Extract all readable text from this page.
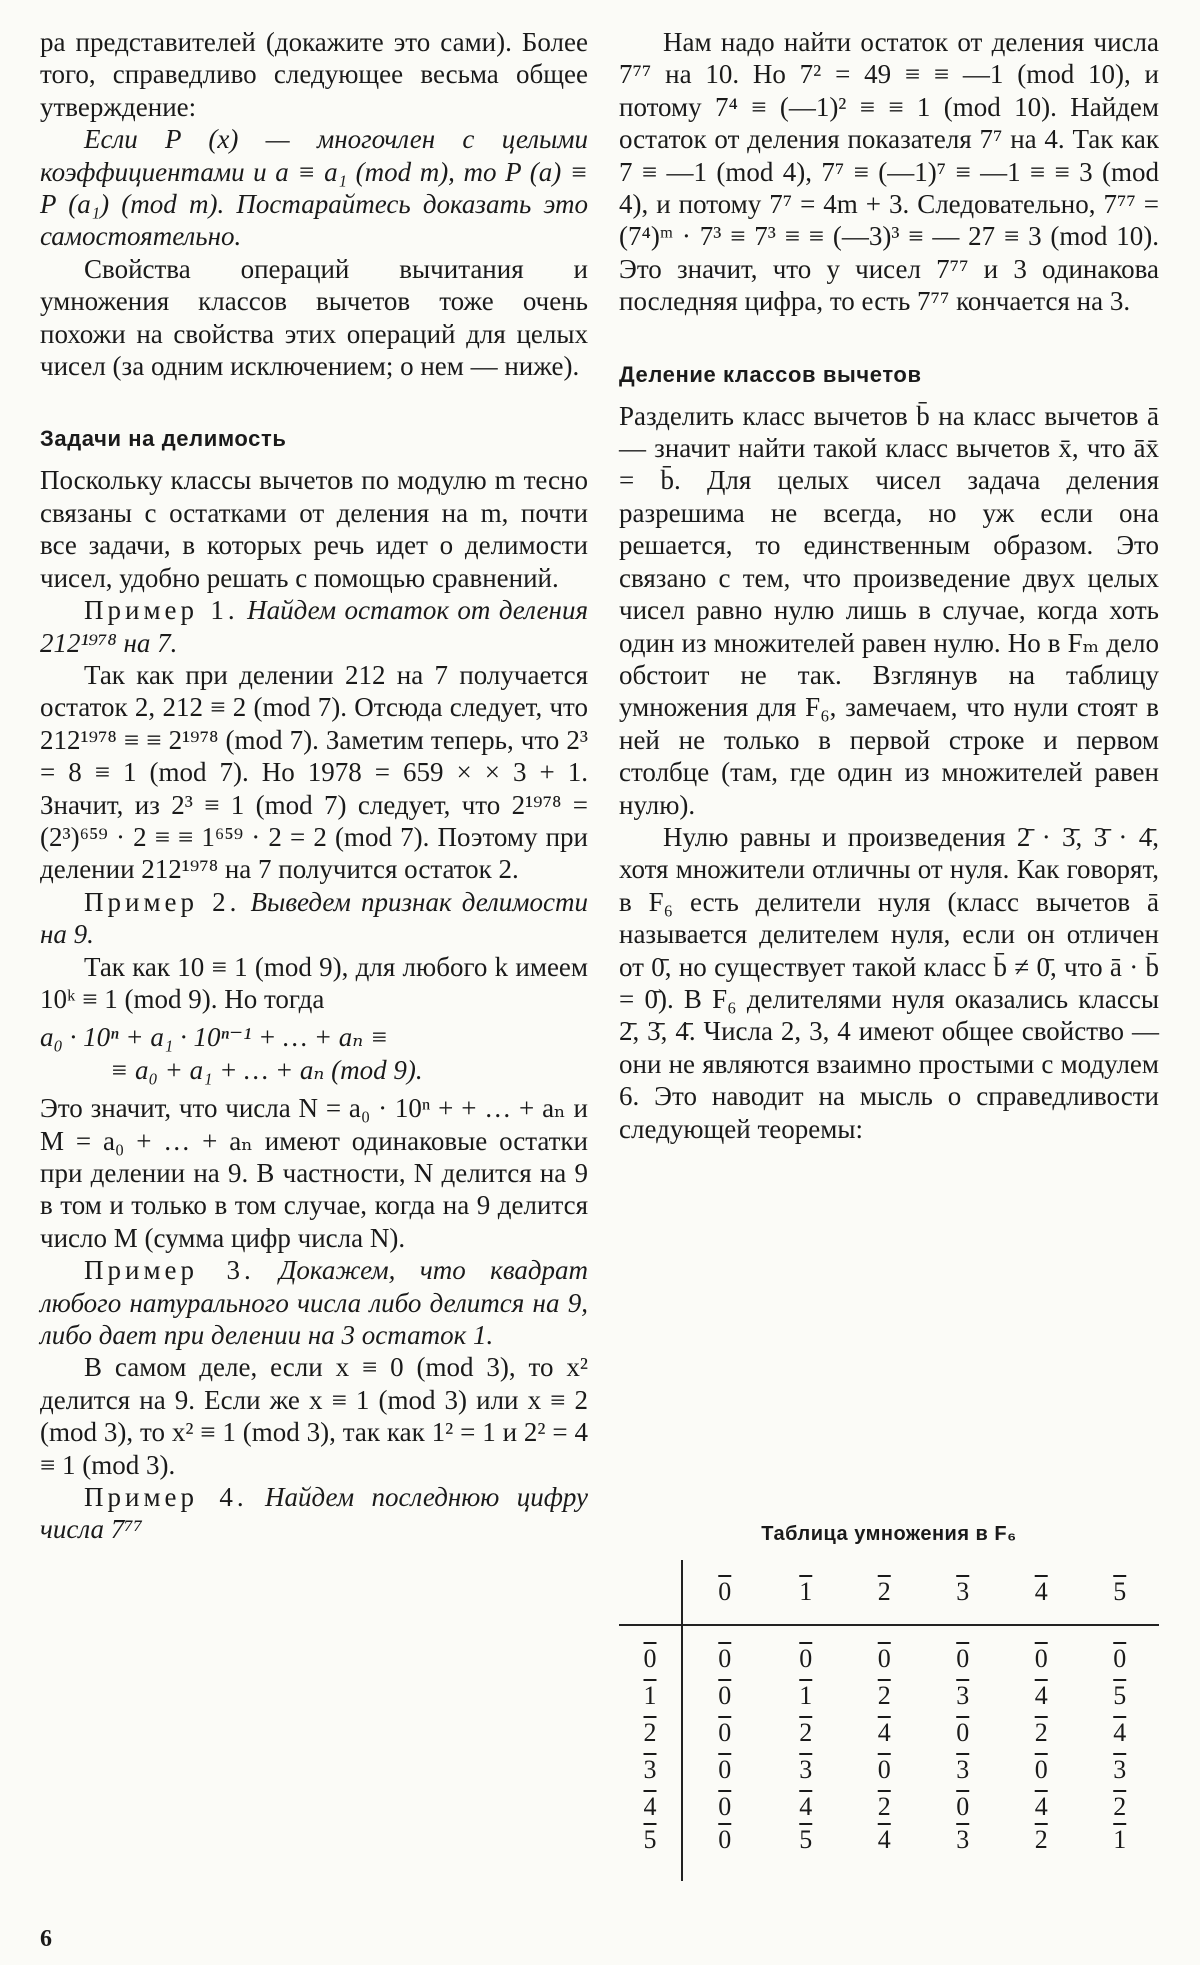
ра представителей (докажите это сами). Более того, справедливо следующее весьма общее утверждение:

Если P (x) — многочлен с целыми коэффициентами и a ≡ a₁ (mod m), то P (a) ≡ P (a₁) (mod m). Постарайтесь доказать это самостоятельно.

Свойства операций вычитания и умножения классов вычетов тоже очень похожи на свойства этих операций для целых чисел (за одним исключением; о нем — ниже).

Задачи на делимость

Поскольку классы вычетов по модулю m тесно связаны с остатками от деления на m, почти все задачи, в которых речь идет о делимости чисел, удобно решать с помощью сравнений.

Пример 1. Найдем остаток от деления 212¹⁹⁷⁸ на 7.

Так как при делении 212 на 7 получается остаток 2, 212 ≡ 2 (mod 7). Отсюда следует, что 212¹⁹⁷⁸ ≡ ≡ 2¹⁹⁷⁸ (mod 7). Заметим теперь, что 2³ = 8 ≡ 1 (mod 7). Но 1978 = 659 × × 3 + 1. Значит, из 2³ ≡ 1 (mod 7) следует, что 2¹⁹⁷⁸ = (2³)⁶⁵⁹ · 2 ≡ ≡ 1⁶⁵⁹ · 2 = 2 (mod 7). Поэтому при делении 212¹⁹⁷⁸ на 7 получится остаток 2.

Пример 2. Выведем признак делимости на 9.

Так как 10 ≡ 1 (mod 9), для любого k имеем 10ᵏ ≡ 1 (mod 9). Но тогда

a₀ · 10ⁿ + a₁ · 10ⁿ⁻¹ + … + aₙ ≡
≡ a₀ + a₁ + … + aₙ (mod 9).

Это значит, что числа N = a₀ · 10ⁿ + + … + aₙ и M = a₀ + … + aₙ имеют одинаковые остатки при делении на 9. В частности, N делится на 9 в том и только в том случае, когда на 9 делится число M (сумма цифр числа N).

Пример 3. Докажем, что квадрат любого натурального числа либо делится на 9, либо дает при делении на 3 остаток 1.

В самом деле, если x ≡ 0 (mod 3), то x² делится на 9. Если же x ≡ 1 (mod 3) или x ≡ 2 (mod 3), то x² ≡ 1 (mod 3), так как 1² = 1 и 2² = 4 ≡ 1 (mod 3).

Пример 4. Найдем последнюю цифру числа 7⁷⁷

Нам надо найти остаток от деления числа 7⁷⁷ на 10. Но 7² = 49 ≡ ≡ —1 (mod 10), и потому 7⁴ ≡ (—1)² ≡ ≡ 1 (mod 10). Найдем остаток от деления показателя 7⁷ на 4. Так как 7 ≡ —1 (mod 4), 7⁷ ≡ (—1)⁷ ≡ —1 ≡ ≡ 3 (mod 4), и потому 7⁷ = 4m + 3. Следовательно, 7⁷⁷ = (7⁴)ᵐ · 7³ ≡ 7³ ≡ ≡ (—3)³ ≡ — 27 ≡ 3 (mod 10). Это значит, что у чисел 7⁷⁷ и 3 одинакова последняя цифра, то есть 7⁷⁷ кончается на 3.

Деление классов вычетов

Разделить класс вычетов b̄ на класс вычетов ā — значит найти такой класс вычетов x̄, что āx̄ = b̄. Для целых чисел задача деления разрешима не всегда, но уж если она решается, то единственным образом. Это связано с тем, что произведение двух целых чисел равно нулю лишь в случае, когда хоть один из множителей равен нулю. Но в Fₘ дело обстоит не так. Взглянув на таблицу умножения для F₆, замечаем, что нули стоят в ней не только в первой строке и первом столбце (там, где один из множителей равен нулю).

Нулю равны и произведения 2̄ · 3̄, 3̄ · 4̄, хотя множители отличны от нуля. Как говорят, в F₆ есть делители нуля (класс вычетов ā называется делителем нуля, если он отличен от 0̄, но существует такой класс b̄ ≠ 0̄, что ā · b̄ = 0̄). В F₆ делителями нуля оказались классы 2̄, 3̄, 4̄. Числа 2, 3, 4 имеют общее свойство — они не являются взаимно простыми с модулем 6. Это наводит на мысль о справедливости следующей теоремы:

Таблица умножения в F₆
	0	1	2	3	4	5
0	0	0	0	0	0	0
1	0	1	2	3	4	5
2	0	2	4	0	2	4
3	0	3	0	3	0	3
4	0	4	2	0	4	2
5	0	5	4	3	2	1
6
